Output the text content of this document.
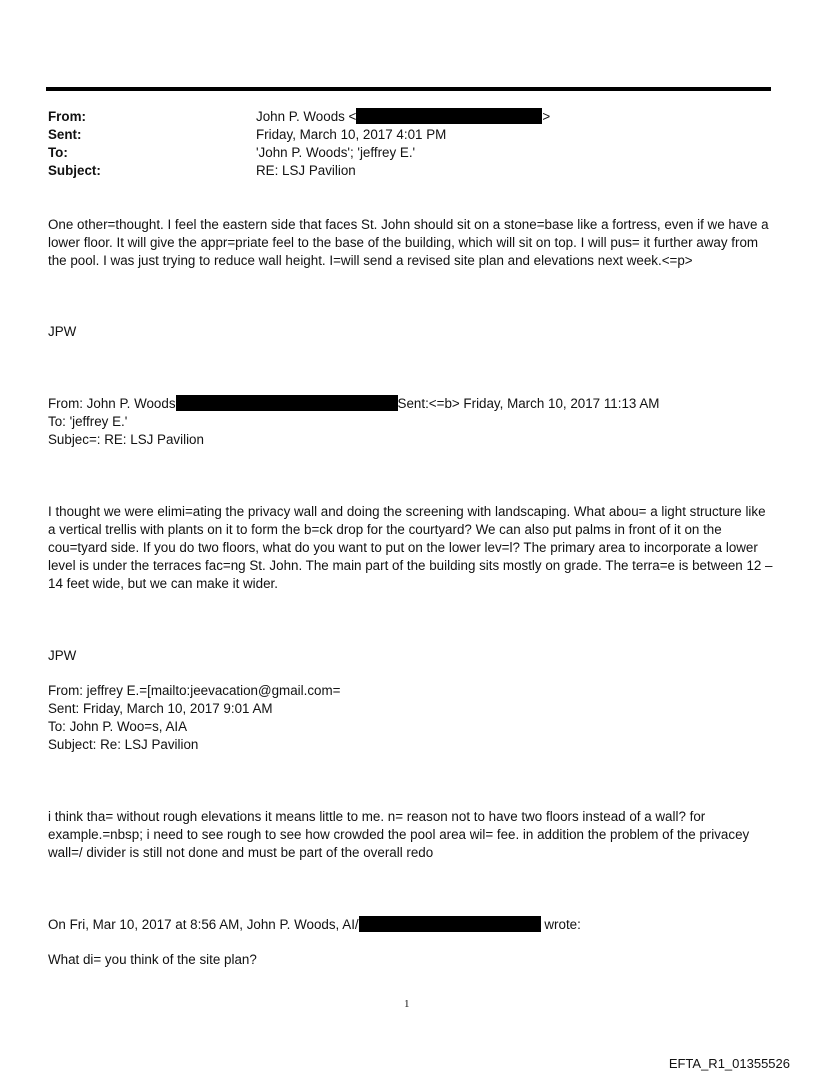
From:	John P. Woods <	>
Sent:	Friday, March 10, 2017 4:01 PM
To:	'John P. Woods'; 'jeffrey E.'
Subject:	RE: LSJ Pavilion
One other=thought. I feel the eastern side that faces St. John should sit on a stone=base like a fortress, even if we have a lower floor. It will give the appr=priate feel to the base of the building, which will sit on top. I will pus= it further away from the pool. I was just trying to reduce wall height. I=will send a revised site plan and elevations next week.<=p>
JPW
From: John P. Woods	Sent:<=b> Friday, March 10, 2017 11:13 AM
To: 'jeffrey E.'
Subjec=: RE: LSJ Pavilion
I thought we were elimi=ating the privacy wall and doing the screening with landscaping. What abou= a light structure like a vertical trellis with plants on it to form the b=ck drop for the courtyard? We can also put palms in front of it on the cou=tyard side. If you do two floors, what do you want to put on the lower lev=l? The primary area to incorporate a lower level is under the terraces fac=ng St. John. The main part of the building sits mostly on grade. The terra=e is between 12 – 14 feet wide, but we can make it wider.
JPW
From: jeffrey E.=[mailto:jeevacation@gmail.com=
Sent: Friday, March 10, 2017 9:01 AM
To: John P. Woo=s, AIA
Subject: Re: LSJ Pavilion
i think tha= without rough elevations it means little to me. n= reason not to have two floors instead of a wall? for example.=nbsp; i need to see rough to see how crowded the pool area wil= fee. in addition the problem of the privacey wall=/ divider is still not done and must be part of the overall redo
On Fri, Mar 10, 2017 at 8:56 AM, John P. Woods, AI/	wrote:
What di= you think of the site plan?
1
EFTA_R1_01355526
